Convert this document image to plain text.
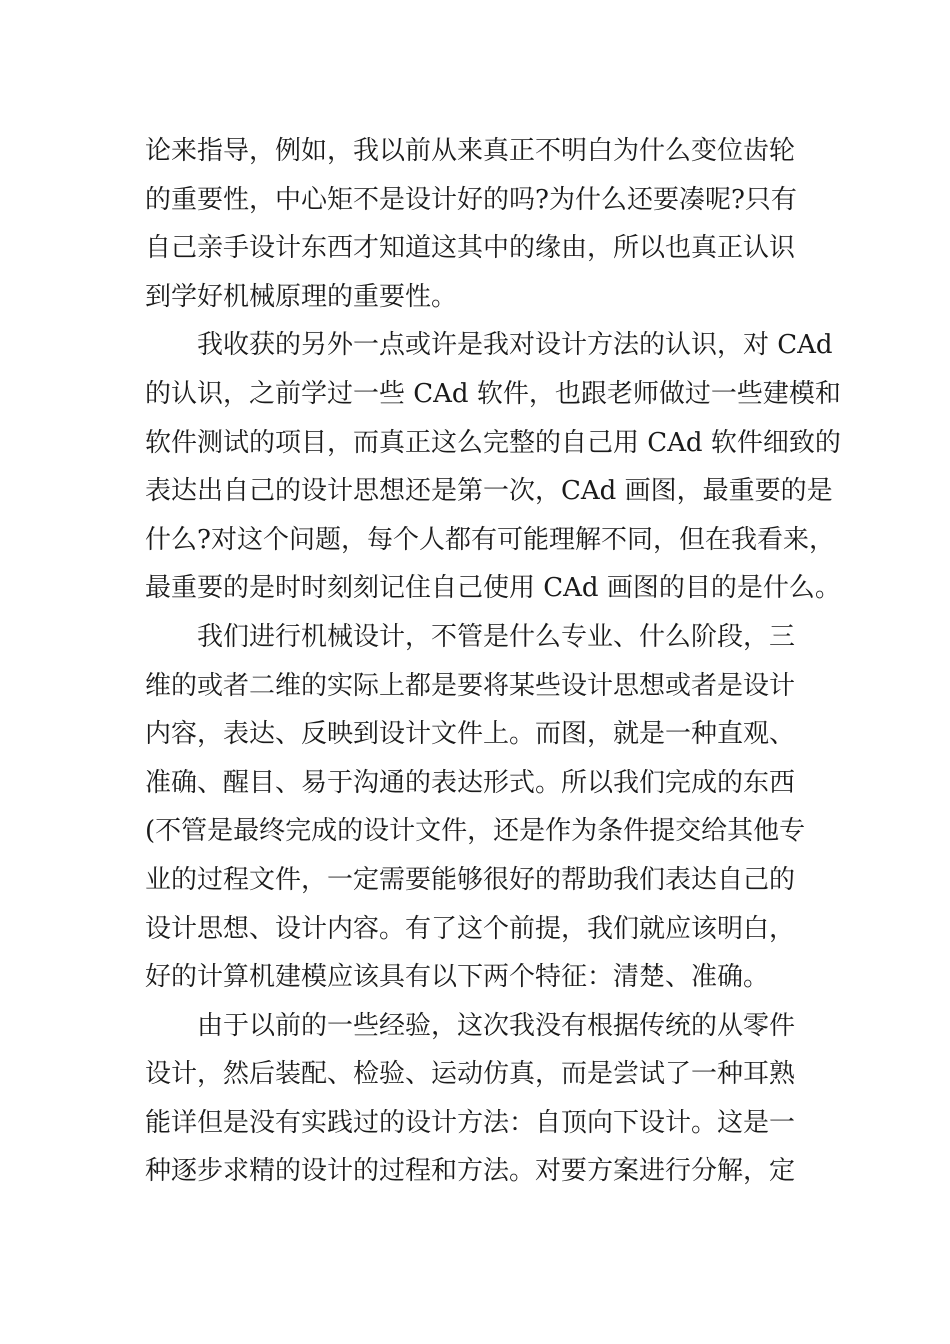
论来指导，例如，我以前从来真正不明白为什么变位齿轮
的重要性，中心矩不是设计好的吗?为什么还要凑呢?只有
自己亲手设计东西才知道这其中的缘由，所以也真正认识
到学好机械原理的重要性。
我收获的另外一点或许是我对设计方法的认识，对 CAd
的认识，之前学过一些 CAd 软件，也跟老师做过一些建模和
软件测试的项目，而真正这么完整的自己用 CAd 软件细致的
表达出自己的设计思想还是第一次，CAd 画图，最重要的是
什么?对这个问题，每个人都有可能理解不同，但在我看来，
最重要的是时时刻刻记住自己使用 CAd 画图的目的是什么。
我们进行机械设计，不管是什么专业、什么阶段，三
维的或者二维的实际上都是要将某些设计思想或者是设计
内容，表达、反映到设计文件上。而图，就是一种直观、
准确、醒目、易于沟通的表达形式。所以我们完成的东西
(不管是最终完成的设计文件，还是作为条件提交给其他专
业的过程文件，一定需要能够很好的帮助我们表达自己的
设计思想、设计内容。有了这个前提，我们就应该明白，
好的计算机建模应该具有以下两个特征：清楚、准确。
由于以前的一些经验，这次我没有根据传统的从零件
设计，然后装配、检验、运动仿真，而是尝试了一种耳熟
能详但是没有实践过的设计方法：自顶向下设计。这是一
种逐步求精的设计的过程和方法。对要方案进行分解，定
